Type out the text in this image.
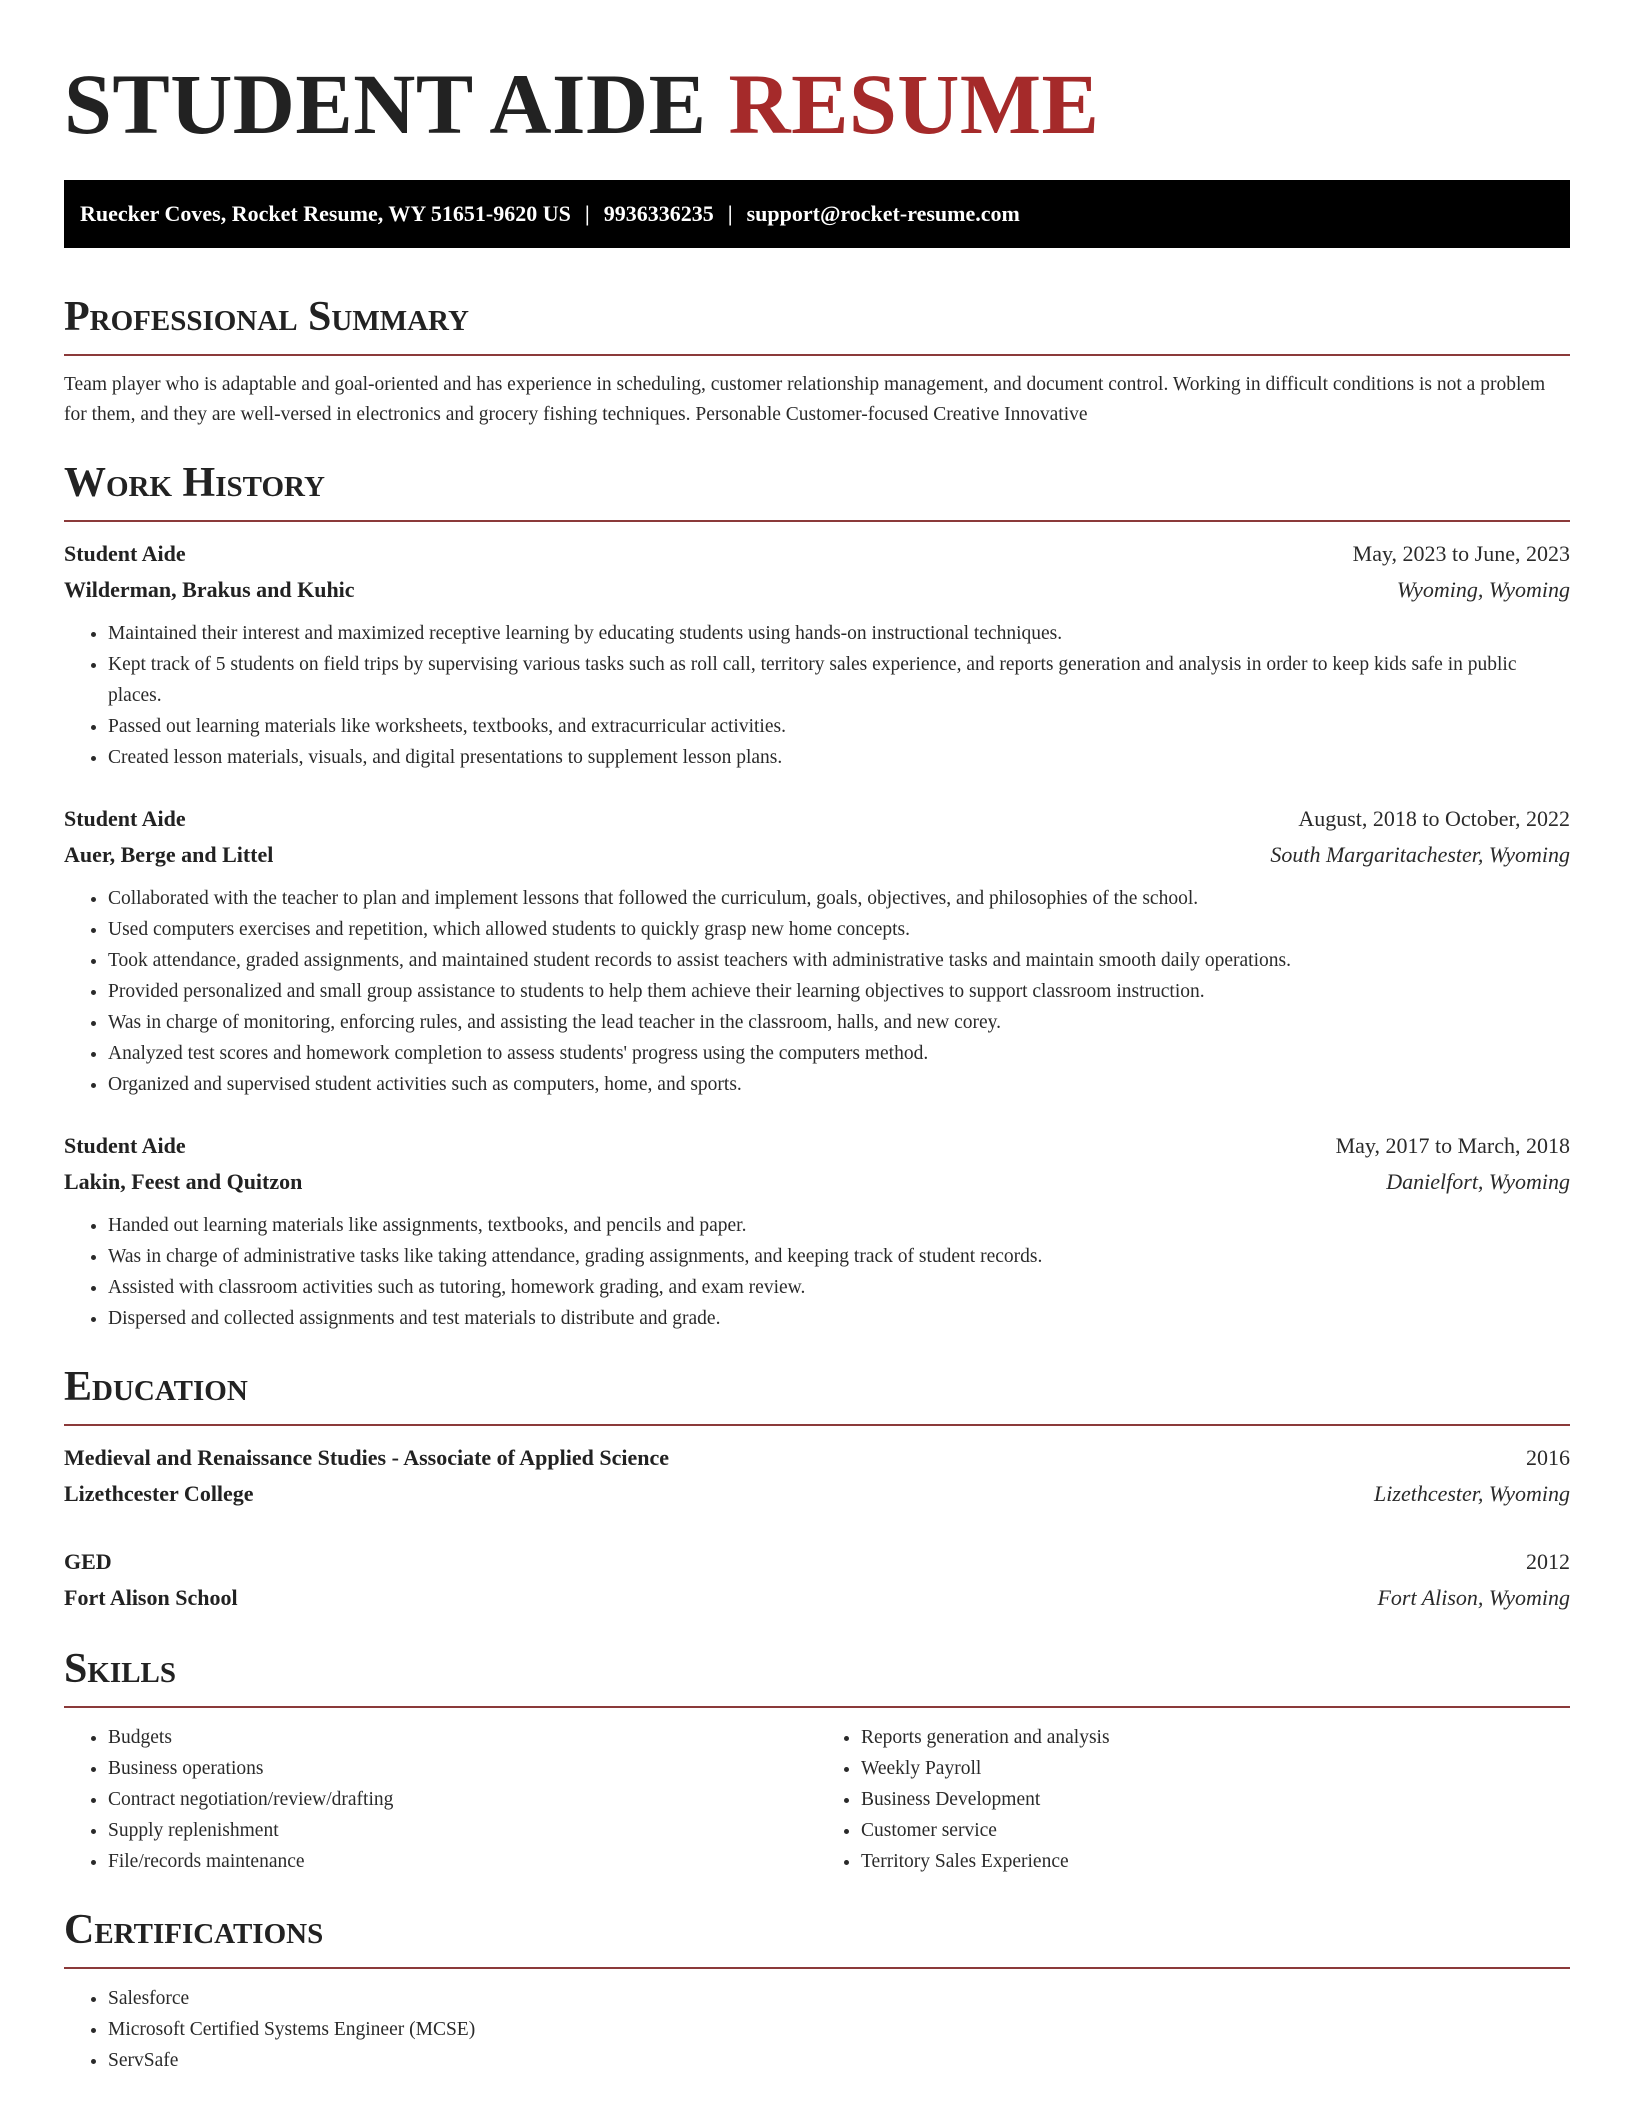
STUDENT AIDE RESUME
Ruecker Coves, Rocket Resume, WY 51651-9620 US | 9936336235 | support@rocket-resume.com
Professional Summary

Team player who is adaptable and goal-oriented and has experience in scheduling, customer relationship management, and document control. Working in difficult conditions is not a problem for them, and they are well-versed in electronics and grocery fishing techniques. Personable Customer-focused Creative Innovative

Work History
Student Aide	May, 2023 to June, 2023
Wilderman, Brakus and Kuhic	Wyoming, Wyoming
• Maintained their interest and maximized receptive learning by educating students using hands-on instructional techniques.
• Kept track of 5 students on field trips by supervising various tasks such as roll call, territory sales experience, and reports generation and analysis in order to keep kids safe in public places.
• Passed out learning materials like worksheets, textbooks, and extracurricular activities.
• Created lesson materials, visuals, and digital presentations to supplement lesson plans.
Student Aide	August, 2018 to October, 2022
Auer, Berge and Littel	South Margaritachester, Wyoming
• Collaborated with the teacher to plan and implement lessons that followed the curriculum, goals, objectives, and philosophies of the school.
• Used computers exercises and repetition, which allowed students to quickly grasp new home concepts.
• Took attendance, graded assignments, and maintained student records to assist teachers with administrative tasks and maintain smooth daily operations.
• Provided personalized and small group assistance to students to help them achieve their learning objectives to support classroom instruction.
• Was in charge of monitoring, enforcing rules, and assisting the lead teacher in the classroom, halls, and new corey.
• Analyzed test scores and homework completion to assess students' progress using the computers method.
• Organized and supervised student activities such as computers, home, and sports.
Student Aide	May, 2017 to March, 2018
Lakin, Feest and Quitzon	Danielfort, Wyoming
• Handed out learning materials like assignments, textbooks, and pencils and paper.
• Was in charge of administrative tasks like taking attendance, grading assignments, and keeping track of student records.
• Assisted with classroom activities such as tutoring, homework grading, and exam review.
• Dispersed and collected assignments and test materials to distribute and grade.
Education
Medieval and Renaissance Studies - Associate of Applied Science	2016
Lizethcester College	Lizethcester, Wyoming
GED	2012
Fort Alison School	Fort Alison, Wyoming
Skills
• Budgets
• Business operations
• Contract negotiation/review/drafting
• Supply replenishment
• File/records maintenance
• Reports generation and analysis
• Weekly Payroll
• Business Development
• Customer service
• Territory Sales Experience
Certifications
• Salesforce
• Microsoft Certified Systems Engineer (MCSE)
• ServSafe
